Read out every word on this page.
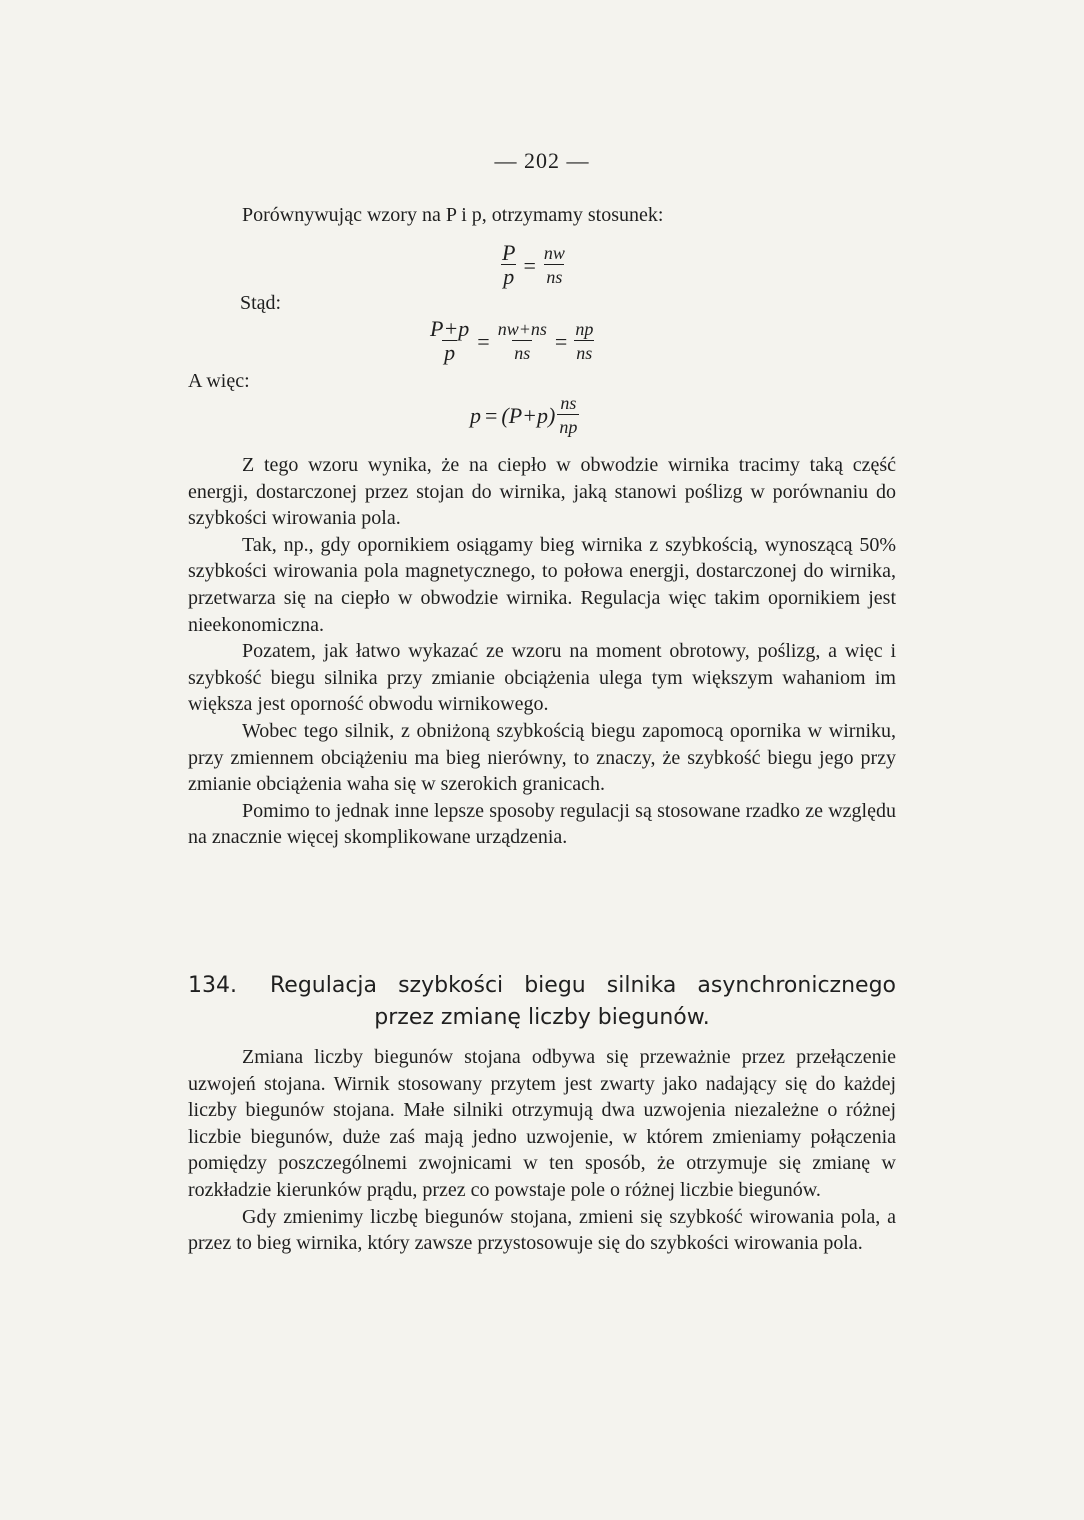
— 202 —

Porównywując wzory na P i p, otrzymamy stosunek:

Stąd:
A więc:
$\frac{P}{p} = \frac{nw}{ns}$
$\frac{P+p}{p} = \frac{nw+ns}{ns} = \frac{np}{ns}$
$p = (P+p) \frac{ns}{np}$

Z tego wzoru wynika, że na ciepło w obwodzie wirnika tracimy taką część energji, dostarczonej przez stojan do wirnika, jaką stanowi poślizg w porównaniu do szybkości wirowania pola.

Tak, np., gdy opornikiem osiągamy bieg wirnika z szybkością, wynoszącą 50% szybkości wirowania pola magnetycznego, to połowa energji, dostarczonej do wirnika, przetwarza się na ciepło w obwodzie wirnika. Regulacja więc takim opornikiem jest nieekonomiczna.

Pozatem, jak łatwo wykazać ze wzoru na moment obrotowy, poślizg, a więc i szybkość biegu silnika przy zmianie obciążenia ulega tym większym wahaniom im większa jest oporność obwodu wirnikowego.

Wobec tego silnik, z obniżoną szybkością biegu zapomocą opornika w wirniku, przy zmiennem obciążeniu ma bieg nierówny, to znaczy, że szybkość biegu jego przy zmianie obciążenia waha się w szerokich granicach.

Pomimo to jednak inne lepsze sposoby regulacji są stosowane rzadko ze względu na znacznie więcej skomplikowane urządzenia.

134.	Regulacja szybkości biegu silnika asynchronicznego
przez zmianę liczby biegunów.

Zmiana liczby biegunów stojana odbywa się przeważnie przez przełączenie uzwojeń stojana. Wirnik stosowany przytem jest zwarty jako nadający się do każdej liczby biegunów stojana. Małe silniki otrzymują dwa uzwojenia niezależne o różnej liczbie biegunów, duże zaś mają jedno uzwojenie, w którem zmieniamy połączenia pomiędzy poszczególnemi zwojnicami w ten sposób, że otrzymuje się zmianę w rozkładzie kierunków prądu, przez co powstaje pole o różnej liczbie biegunów.

Gdy zmienimy liczbę biegunów stojana, zmieni się szybkość wirowania pola, a przez to bieg wirnika, który zawsze przystosowuje się do szybkości wirowania pola.
